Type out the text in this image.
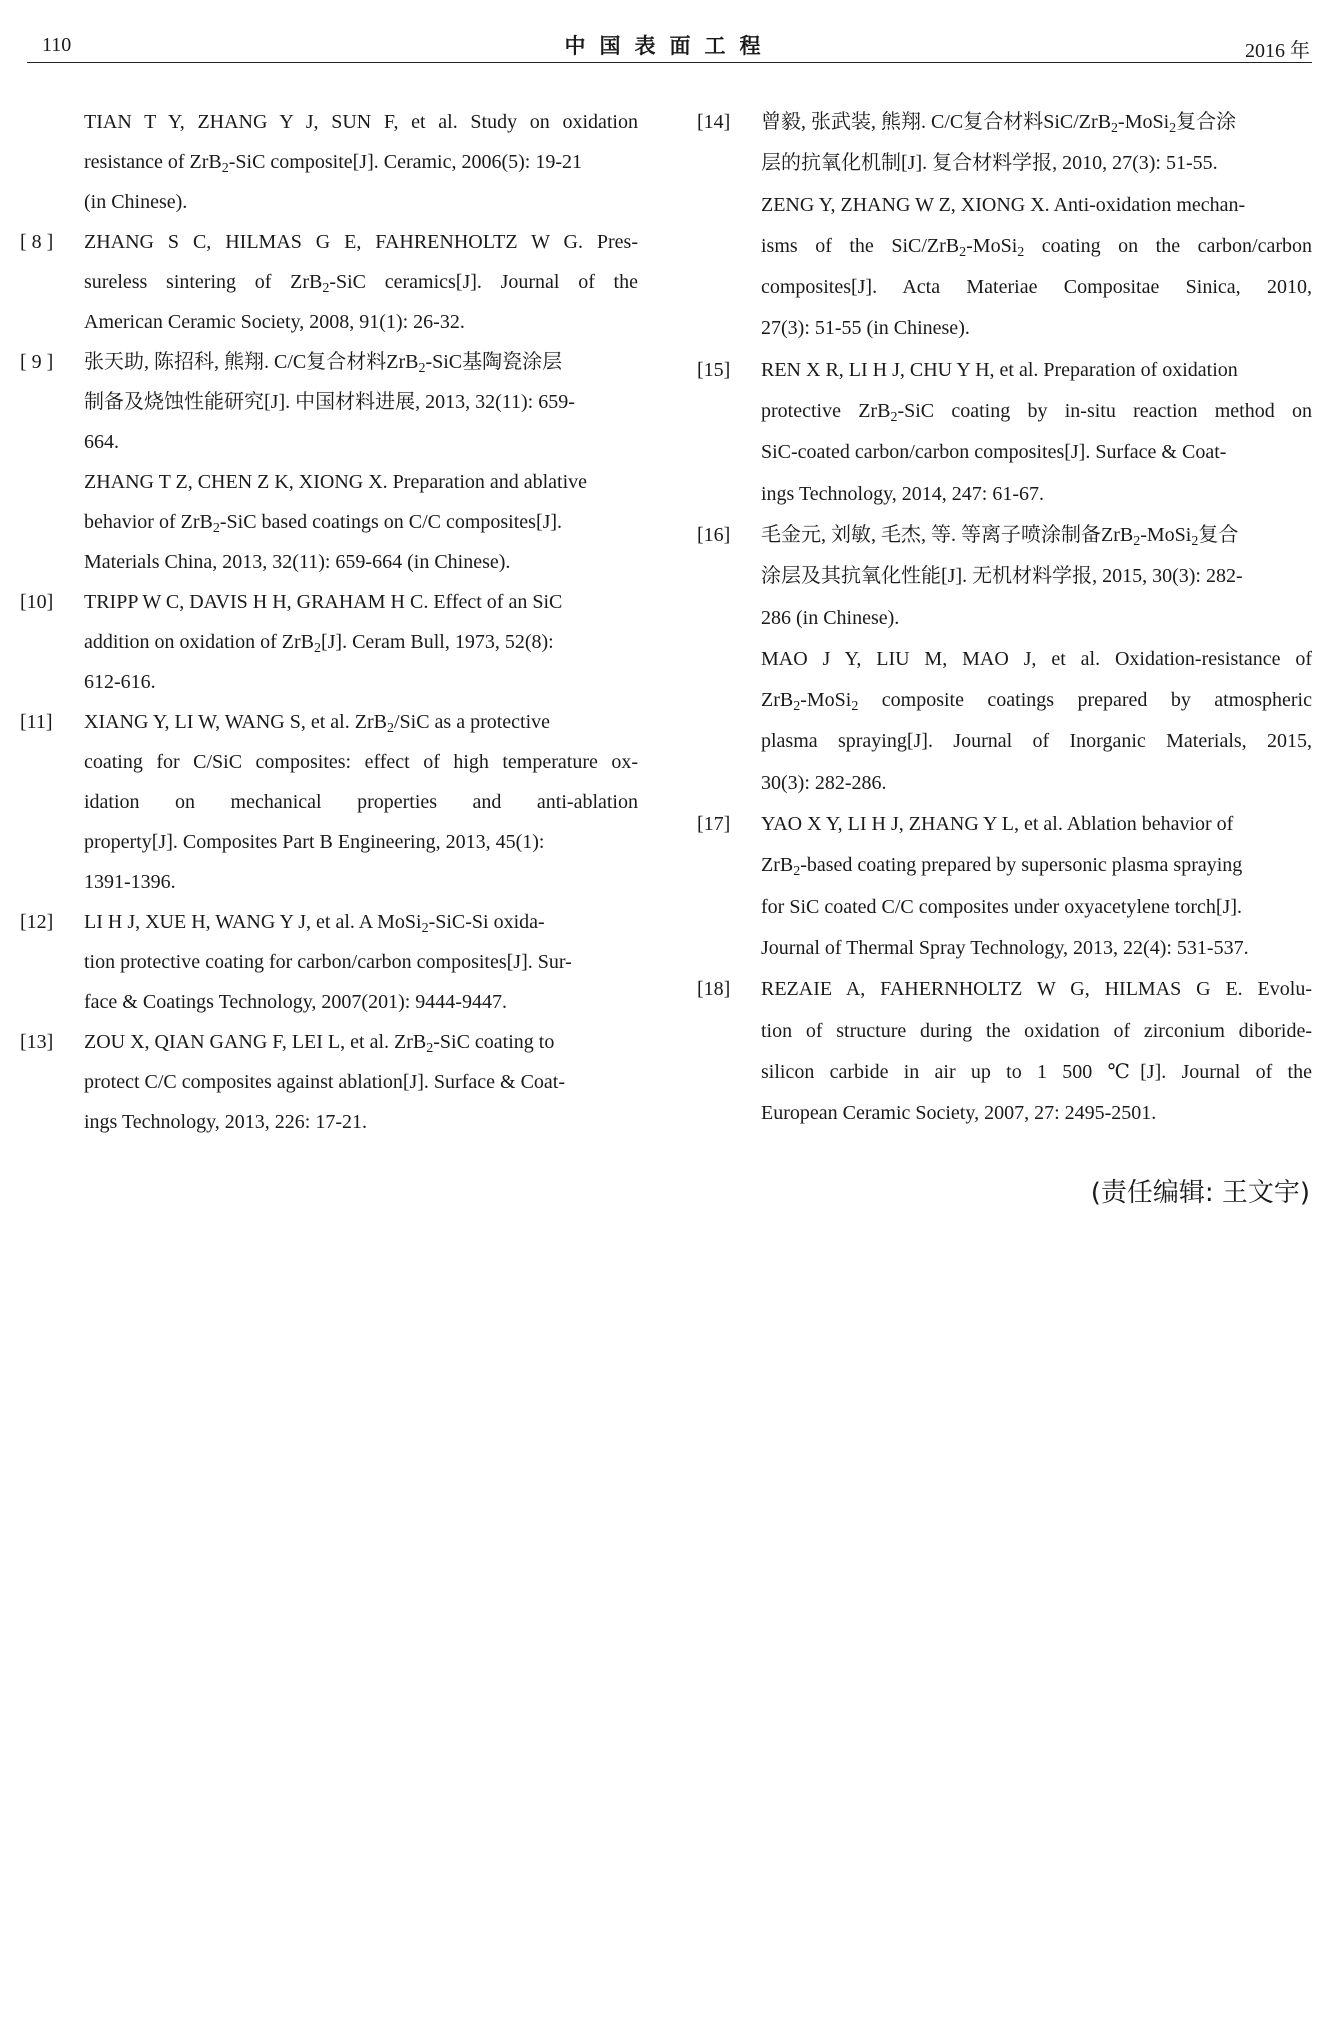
110	中国表面工程	2016 年
TIAN T Y, ZHANG Y J, SUN F, et al. Study on oxidation
resistance of ZrB$_2$-SiC composite[J]. Ceramic, 2006(5): 19-21
(in Chinese).
[ 8 ] ZHANG S C, HILMAS G E, FAHRENHOLTZ W G. Pres-
sureless sintering of ZrB$_2$-SiC ceramics[J]. Journal of the
American Ceramic Society, 2008, 91(1): 26-32.
[ 9 ] 张天助, 陈招科, 熊翔. C/C复合材料ZrB$_2$-SiC基陶瓷涂层
制备及烧蚀性能研究[J]. 中国材料进展, 2013, 32(11): 659-
664.
ZHANG T Z, CHEN Z K, XIONG X. Preparation and ablative
behavior of ZrB$_2$-SiC based coatings on C/C composites[J].
Materials China, 2013, 32(11): 659-664 (in Chinese).
[10] TRIPP W C, DAVIS H H, GRAHAM H C. Effect of an SiC
addition on oxidation of ZrB$_2$[J]. Ceram Bull, 1973, 52(8):
612-616.
[11] XIANG Y, LI W, WANG S, et al. ZrB$_2$/SiC as a protective
coating for C/SiC composites: effect of high temperature ox-
idation on mechanical properties and anti-ablation
property[J]. Composites Part B Engineering, 2013, 45(1):
1391-1396.
[12] LI H J, XUE H, WANG Y J, et al. A MoSi$_2$-SiC-Si oxida-
tion protective coating for carbon/carbon composites[J]. Sur-
face & Coatings Technology, 2007(201): 9444-9447.
[13] ZOU X, QIAN GANG F, LEI L, et al. ZrB$_2$-SiC coating to
protect C/C composites against ablation[J]. Surface & Coat-
ings Technology, 2013, 226: 17-21.
[14] 曾毅, 张武装, 熊翔. C/C复合材料SiC/ZrB$_2$-MoSi$_2$复合涂
层的抗氧化机制[J]. 复合材料学报, 2010, 27(3): 51-55.
ZENG Y, ZHANG W Z, XIONG X. Anti-oxidation mechan-
isms of the SiC/ZrB$_2$-MoSi$_2$ coating on the carbon/carbon
composites[J]. Acta Materiae Compositae Sinica, 2010,
27(3): 51-55 (in Chinese).
[15] REN X R, LI H J, CHU Y H, et al. Preparation of oxidation
protective ZrB$_2$-SiC coating by in-situ reaction method on
SiC-coated carbon/carbon composites[J]. Surface & Coat-
ings Technology, 2014, 247: 61-67.
[16] 毛金元, 刘敏, 毛杰, 等. 等离子喷涂制备ZrB$_2$-MoSi$_2$复合
涂层及其抗氧化性能[J]. 无机材料学报, 2015, 30(3): 282-
286 (in Chinese).
MAO J Y, LIU M, MAO J, et al. Oxidation-resistance of
ZrB$_2$-MoSi$_2$ composite coatings prepared by atmospheric
plasma spraying[J]. Journal of Inorganic Materials, 2015,
30(3): 282-286.
[17] YAO X Y, LI H J, ZHANG Y L, et al. Ablation behavior of
ZrB$_2$-based coating prepared by supersonic plasma spraying
for SiC coated C/C composites under oxyacetylene torch[J].
Journal of Thermal Spray Technology, 2013, 22(4): 531-537.
[18] REZAIE A, FAHERNHOLTZ W G, HILMAS G E. Evolu-
tion of structure during the oxidation of zirconium diboride-
silicon carbide in air up to 1 500 ℃[J]. Journal of the
European Ceramic Society, 2007, 27: 2495-2501.
(责任编辑: 王文宇)
